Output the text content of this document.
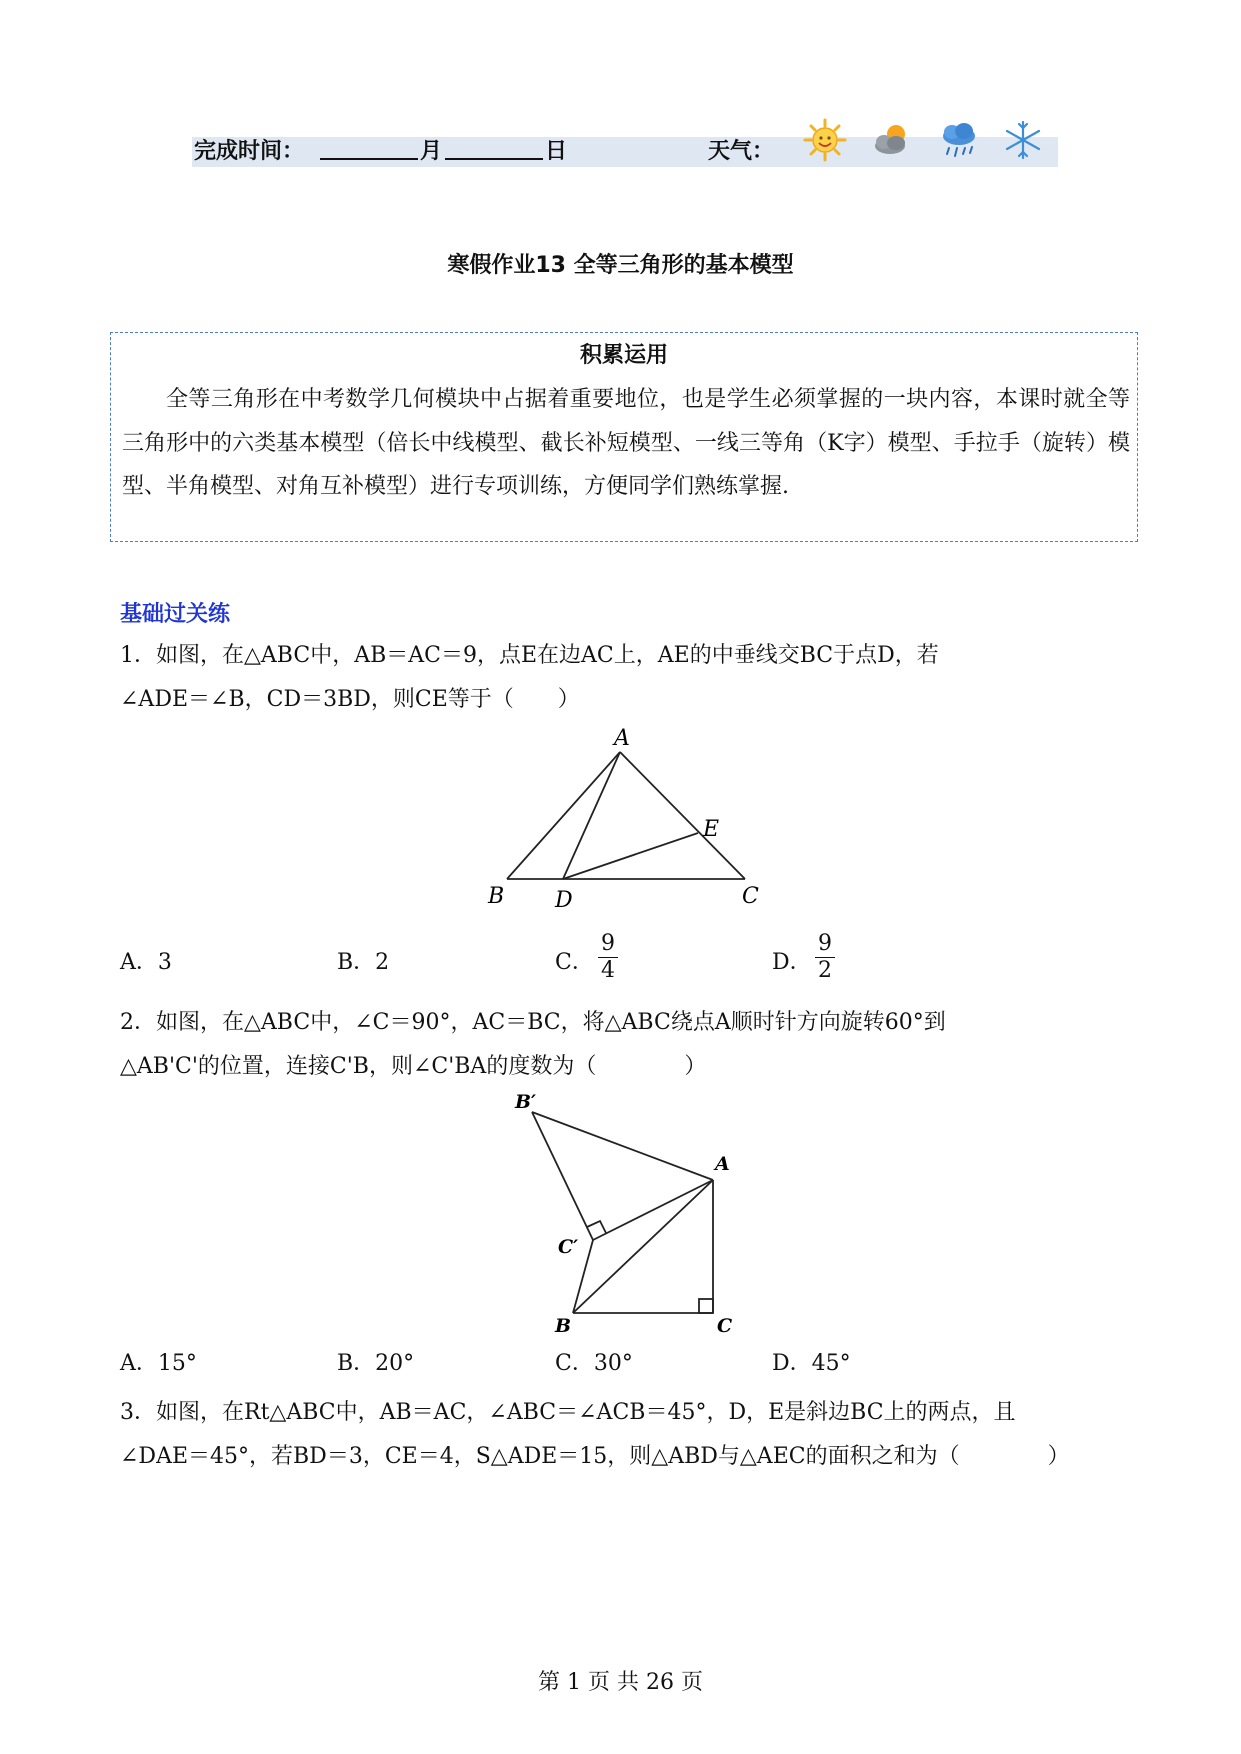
完成时间：	月	日	天气：
寒假作业13 全等三角形的基本模型
积累运用
全等三角形在中考数学几何模块中占据着重要地位，也是学生必须掌握的一块内容，本课时就全等三角形中的六类基本模型（倍长中线模型、截长补短模型、一线三等角（K字）模型、手拉手（旋转）模型、半角模型、对角互补模型）进行专项训练，方便同学们熟练掌握.
基础过关练
1．如图，在△ABC中，AB＝AC＝9，点E在边AC上，AE的中垂线交BC于点D，若
∠ADE＝∠B，CD＝3BD，则CE等于（　　）
A
B D	C
E
A．3	B．2	C．
9
4	D．
9
2
2．如图，在△ABC中，∠C＝90°，AC＝BC，将△ABC绕点A顺时针方向旋转60°到
△AB'C'的位置，连接C'B，则∠C'BA的度数为（　　　　）
B′
A
C′
B	C
A．15°	B．20°	C．30°	D．45°
3．如图，在Rt△ABC中，AB＝AC，∠ABC＝∠ACB＝45°，D，E是斜边BC上的两点，且
∠DAE＝45°，若BD＝3，CE＝4，S△ADE＝15，则△ABD与△AEC的面积之和为（　　　　）
第 1 页 共 26 页
